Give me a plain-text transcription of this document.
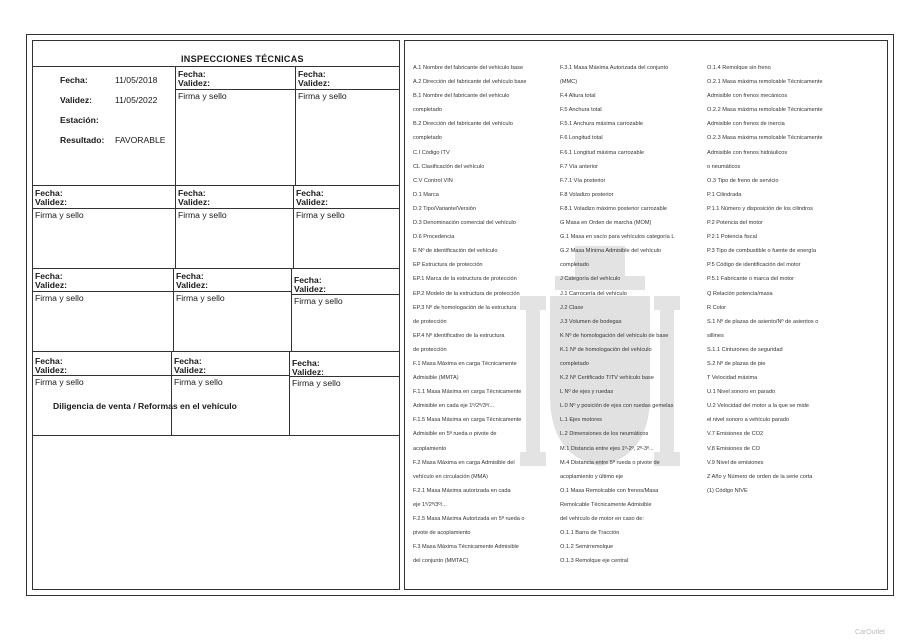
INSPECCIONES TÉCNICAS
Fecha:	11/05/2018
Validez:	11/05/2022
Estación:
Resultado: FAVORABLE
Fecha:
Validez:
Firma y sello
Fecha:
Validez:
Firma y sello
Fecha:
Validez:
Firma y sello
Fecha:
Validez:
Firma y sello
Fecha:
Validez:
Firma y sello
Fecha:
Validez:
Firma y sello
Fecha:
Validez:
Firma y sello
Fecha:
Validez:
Firma y sello
Fecha:
Validez:
Firma y sello
Fecha:
Validez:
Firma y sello
Fecha:
Validez:
Firma y sello
Diligencia de venta / Reformas en el vehículo
A.1 Nombre del fabricante del vehículo base
A.2 Dirección del fabricante del vehículo base
B.1 Nombre del fabricante del vehículo
completado
B.2 Dirección del fabricante del vehículo
completado
C.I Código ITV
CL Clasificación del vehículo
C.V Control VIN
D.1 Marca
D.2 Tipo/Variante/Versión
D.3 Denominación comercial del vehículo
D.6 Procedencia
E Nº de identificación del vehículo
EP Estructura de protección
EP.1 Marca de la estructura de protección
EP.2 Modelo de la estructura de protección
EP.3 Nº de homologación de la estructura
de protección
EP.4 Nº identificativo de la estructura
de protección
F.1 Masa Máxima en carga Técnicamente
Admisible (MMTA)
F.1.1 Masa Máxima en carga Técnicamente
Admisible en cada eje 1º/2º/3º/...
F.1.5 Masa Máxima en carga Técnicamente
Admisible en 5ª rueda o pivote de
acoplamiento
F.2 Masa Máxima en carga Admisible del
vehículo en circulación (MMA)
F.2.1 Masa Máxima autorizada en cada
eje 1º/2º/3º/...
F.2.5 Masa Máxima Autorizada en 5ª rueda o
pivote de acoplamiento
F.3 Masa Máxima Técnicamente Admisible
del conjunto (MMTAC)
F.3.1 Masa Máxima Autorizada del conjunto
(MMC)
F.4 Altura total
F.5 Anchura total
F.5.1 Anchura máxima carrozable
F.6 Longitud total
F.6.1 Longitud máxima carrozable
F.7 Vía anterior
F.7.1 Vía posterior
F.8 Voladizo posterior
F.8.1 Voladizo máximo posterior carrozable
G Masa en Orden de marcha (MOM)
G.1 Masa en vacío para vehículos categoría L
G.2 Masa Mínima Admisible del vehículo
completado
J Categoría del vehículo
J.1 Carrocería del vehículo
J.2 Clase
J.3 Volumen de bodegas
K Nº de homologación del vehículo de base
K.1 Nº de homologación del vehículo
completado
K.2 Nº Certificado TITV vehículo base
L Nº de ejes y ruedas
L.0 Nº y posición de ejes con ruedas gemelas
L.1 Ejes motores
L.2 Dimensiones de los neumáticos
M.1 Distancia entre ejes 1º-2º, 2º-3º...
M.4 Distancia entre 5ª rueda o pivote de
acoplamiento y último eje
O.1 Masa Remolcable con frenos/Masa
Remolcable Técnicamente Admisible
del vehículo de motor en caso de:
O.1.1 Barra de Tracción
O.1.2 Semirremolque
O.1.3 Remolque eje central
O.1.4 Remolque sin freno
O.2.1 Masa máxima remolcable Técnicamente
Admisible con frenos mecánicos
O.2.2 Masa máxima remolcable Técnicamente
Admisible con frenos de inercia
O.2.3 Masa máxima remolcable Técnicamente
Admisible con frenos hidráulicos
o neumáticos
O.3 Tipo de freno de servicio
P.1 Cilindrada
P.1.1 Número y disposición de los cilindros
P.2 Potencia del motor
P.2.1 Potencia fiscal
P.3 Tipo de combustible o fuente de energía
P.5 Código de identificación del motor
P.5.1 Fabricante o marca del motor
Q Relación potencia/masa
R Color
S.1 Nº de plazas de asiento/Nº de asientos o
sillines
S.1.1 Cinturones de seguridad
S.2 Nº de plazas de pie
T Velocidad máxima
U.1 Nivel sonoro en parado
U.2 Velocidad del motor a la que se mide
el nivel sonoro a vehículo parado
V.7 Emisiones de CO2
V.8 Emisiones de CO
V.9 Nivel de emisiones
Z Año y Número de orden de la serie corta
(1) Código NIVE
CarOutlet
